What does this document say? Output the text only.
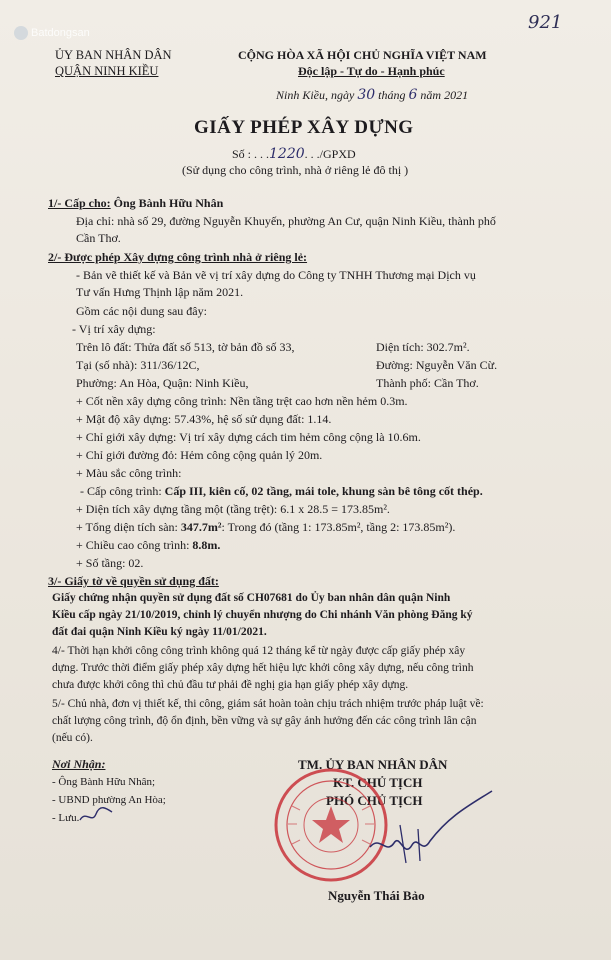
Batdongsan	921
ỦY BAN NHÂN DÂN
QUẬN NINH KIỀU
CỘNG HÒA XÃ HỘI CHỦ NGHĨA VIỆT NAM
Độc lập - Tự do - Hạnh phúc
Ninh Kiều, ngày 30 tháng 6 năm 2021
GIẤY PHÉP XÂY DỰNG
Số : . . .1220. . ./GPXD
(Sử dụng cho công trình, nhà ở riêng lẻ đô thị )
1/- Cấp cho: Ông Bành Hữu Nhân
Địa chỉ: nhà số 29, đường Nguyễn Khuyến, phường An Cư, quận Ninh Kiều, thành phố
Cần Thơ.
2/- Được phép Xây dựng công trình nhà ở riêng lẻ:
- Bản vẽ thiết kế và Bản vẽ vị trí xây dựng do Công ty TNHH Thương mại Dịch vụ
Tư vấn Hưng Thịnh lập năm 2021.
Gồm các nội dung sau đây:
- Vị trí xây dựng:
Trên lô đất: Thửa đất số 513, tờ bản đồ số 33,	Diện tích: 302.7m².
Tại (số nhà): 311/36/12C,	Đường: Nguyễn Văn Cừ.
Phường: An Hòa, Quận: Ninh Kiều,	Thành phố: Cần Thơ.
+ Cốt nền xây dựng công trình: Nền tầng trệt cao hơn nền hẻm 0.3m.
+ Mật độ xây dựng: 57.43%, hệ số sử dụng đất: 1.14.
+ Chỉ giới xây dựng: Vị trí xây dựng cách tim hẻm công cộng là 10.6m.
+ Chỉ giới đường đỏ: Hẻm công cộng quản lý 20m.
+ Màu sắc công trình:
- Cấp công trình: Cấp III, kiên cố, 02 tầng, mái tole, khung sàn bê tông cốt thép.
+ Diện tích xây dựng tầng một (tầng trệt): 6.1 x 28.5 = 173.85m².
+ Tổng diện tích sàn: 347.7m²: Trong đó (tầng 1: 173.85m², tầng 2: 173.85m²).
+ Chiều cao công trình: 8.8m.
+ Số tầng: 02.
3/- Giấy tờ về quyền sử dụng đất:
Giấy chứng nhận quyền sử dụng đất số CH07681 do Ủy ban nhân dân quận Ninh
Kiều cấp ngày 21/10/2019, chỉnh lý chuyển nhượng do Chi nhánh Văn phòng Đăng ký
đất đai quận Ninh Kiều ký ngày 11/01/2021.
4/- Thời hạn khởi công công trình không quá 12 tháng kể từ ngày được cấp giấy phép xây
dựng. Trước thời điểm giấy phép xây dựng hết hiệu lực khởi công xây dựng, nếu công trình
chưa được khởi công thì chủ đầu tư phải đề nghị gia hạn giấy phép xây dựng.
5/- Chủ nhà, đơn vị thiết kế, thi công, giám sát hoàn toàn chịu trách nhiệm trước pháp luật về:
chất lượng công trình, độ ổn định, bền vững và sự gây ảnh hưởng đến các công trình lân cận
(nếu có).
Nơi Nhận:
- Ông Bành Hữu Nhân;
- UBND phường An Hòa;
- Lưu.
TM. ỦY BAN NHÂN DÂN
KT. CHỦ TỊCH
PHÓ CHỦ TỊCH
Nguyễn Thái Bảo
